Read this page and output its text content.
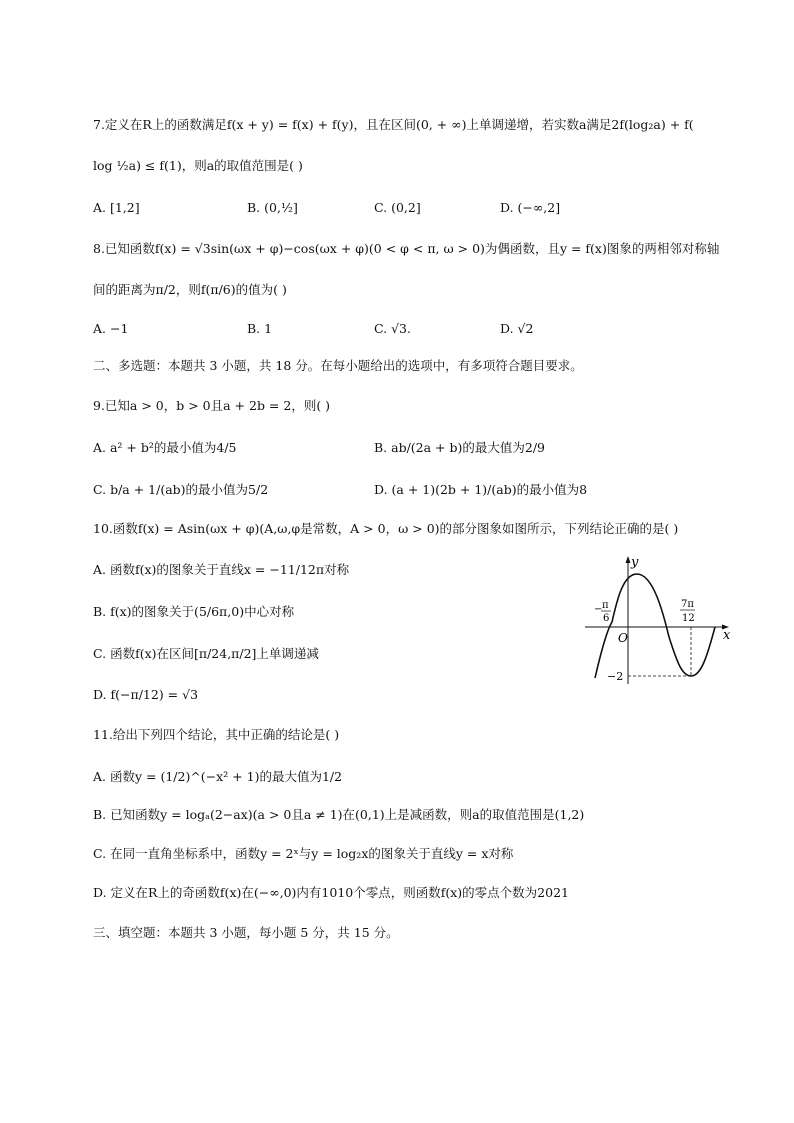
7.定义在R上的函数满足f(x + y) = f(x) + f(y)，且在区间(0, + ∞)上单调递增，若实数a满足2f(log₂a) + f(
log ½a) ≤ f(1)，则a的取值范围是( )
A. [1,2]	B. (0,½]	C. (0,2]	D. (−∞,2]
8.已知函数f(x) = √3sin(ωx + φ)−cos(ωx + φ)(0 < φ < π, ω > 0)为偶函数，且y = f(x)图象的两相邻对称轴
间的距离为π/2，则f(π/6)的值为( )
A. −1	B. 1	C. √3.	D. √2
二、多选题：本题共 3 小题，共 18 分。在每小题给出的选项中，有多项符合题目要求。
9.已知a > 0，b > 0且a + 2b = 2，则( )
A. a² + b²的最小值为4/5	B. ab/(2a + b)的最大值为2/9
C. b/a + 1/(ab)的最小值为5/2	D. (a + 1)(2b + 1)/(ab)的最小值为8
10.函数f(x) = Asin(ωx + φ)(A,ω,φ是常数，A > 0，ω > 0)的部分图象如图所示，下列结论正确的是( )
A. 函数f(x)的图象关于直线x = −11/12π对称
B. f(x)的图象关于(5/6π,0)中心对称
C. 函数f(x)在区间[π/24,π/2]上单调递减
D. f(−π/12) = √3
y
x
O
− π
6
7π
12
−2
11.给出下列四个结论，其中正确的结论是( )
A. 函数y = (1/2)^(−x² + 1)的最大值为1/2
B. 已知函数y = logₐ(2−ax)(a > 0且a ≠ 1)在(0,1)上是减函数，则a的取值范围是(1,2)
C. 在同一直角坐标系中，函数y = 2ˣ与y = log₂x的图象关于直线y = x对称
D. 定义在R上的奇函数f(x)在(−∞,0)内有1010个零点，则函数f(x)的零点个数为2021
三、填空题：本题共 3 小题，每小题 5 分，共 15 分。
